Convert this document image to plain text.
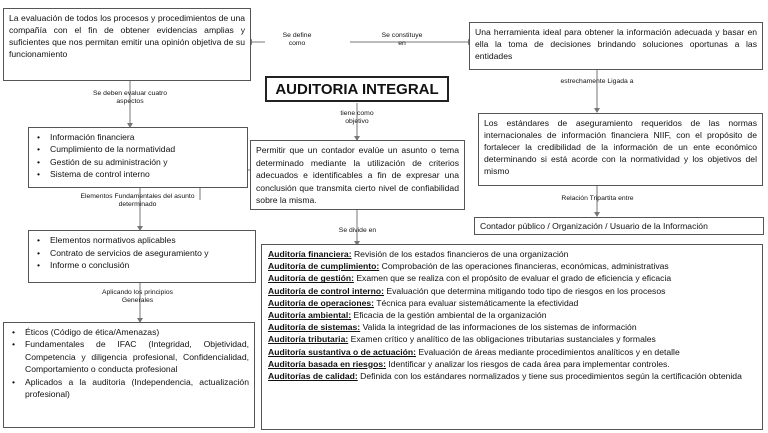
La evaluación de todos los procesos y procedimientos de una compañía con el fin de obtener evidencias amplias y suficientes que nos permitan emitir una opinión objetiva de su funcionamiento
Se define como
AUDITORIA INTEGRAL
Se constituye en
Una herramienta ideal para obtener la información adecuada y basar en ella la toma de decisiones brindando soluciones oportunas a las entidades
estrechamente Ligada a
Los estándares de aseguramiento requeridos de las normas internacionales de información financiera NIIF, con el propósito de fortalecer la credibilidad de la información de un ente económico determinando si está acorde con la normatividad y los objetivos del mismo
Relación Tripartita entre
Contador público / Organización / Usuario de la Información
tiene como objetivo
Permitir que un contador evalúe un asunto o tema determinado mediante la utilización de criterios adecuados e identificables a fin de expresar una conclusión que transmita cierto nivel de confiabilidad sobre la misma.
Se deben evaluar cuatro aspectos
• Información financiera
• Cumplimiento de la normatividad
• Gestión de su administración y
• Sistema de control interno
Elementos Fundamentales del asunto determinado
• Elementos normativos aplicables
• Contrato de servicios de aseguramiento y
• Informe o conclusión
Aplicando los principios Generales
• Éticos (Código de ética/Amenazas)
• Fundamentales de IFAC (Integridad, Objetividad, Competencia y diligencia profesional, Confidencialidad, Comportamiento o conducta profesional
• Aplicados a la auditoria (Independencia, actualización profesional)
Se divide en
Auditoría financiera: Revisión de los estados financieros de una organización
Auditoría de cumplimiento: Comprobación de las operaciones financieras, económicas, administrativas
Auditoría de gestión: Examen que se realiza con el propósito de evaluar el grado de eficiencia y eficacia
Auditoría de control interno: Evaluación que determina mitigando todo tipo de riesgos en los procesos
Auditoría de operaciones: Técnica para evaluar sistemáticamente la efectividad
Auditoría ambiental: Eficacia de la gestión ambiental de la organización
Auditoría de sistemas: Valida la integridad de las informaciones de los sistemas de información
Auditoría tributaria: Examen crítico y analítico de las obligaciones tributarias sustanciales y formales
Auditoría sustantiva o de actuación: Evaluación de áreas mediante procedimientos analíticos y en detalle
Auditoría basada en riesgos: Identificar y analizar los riesgos de cada área para implementar controles.
Auditorías de calidad: Definida con los estándares normalizados y tiene sus procedimientos según la certificación obtenida
